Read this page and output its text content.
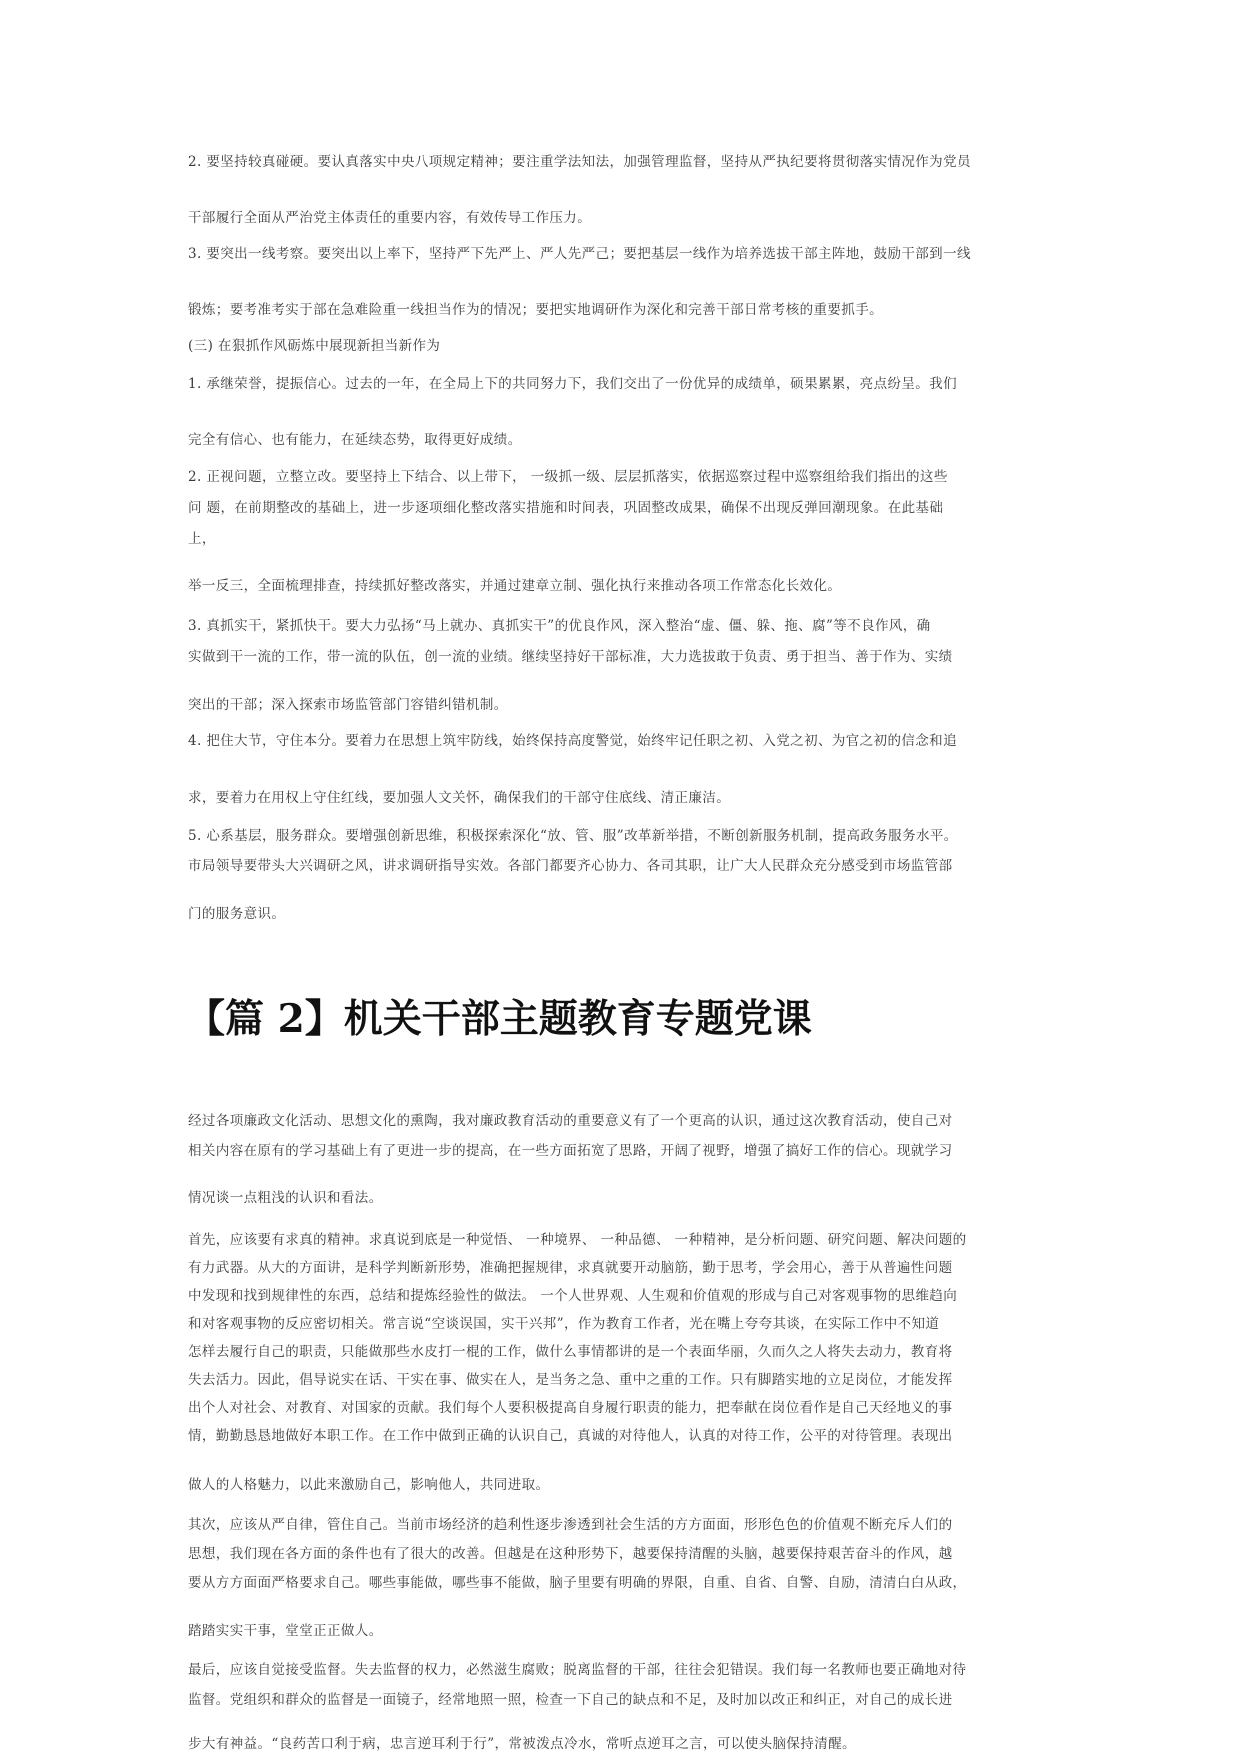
2. 要坚持较真碰硬。要认真落实中央八项规定精神；要注重学法知法，加强管理监督，坚持从严执纪要将贯彻落实情况作为党员
干部履行全面从严治党主体责任的重要内容，有效传导工作压力。
3. 要突出一线考察。要突出以上率下，坚持严下先严上、严人先严己；要把基层一线作为培养选拔干部主阵地，鼓励干部到一线
锻炼；要考准考实于部在急难险重一线担当作为的情况；要把实地调研作为深化和完善干部日常考核的重要抓手。
(三) 在狠抓作风砺炼中展现新担当新作为
1. 承继荣誉，提振信心。过去的一年，在全局上下的共同努力下，我们交出了一份优异的成绩单，硕果累累，亮点纷呈。我们
完全有信心、也有能力，在延续态势，取得更好成绩。
2. 正视问题，立整立改。要坚持上下结合、以上带下， 一级抓一级、层层抓落实，依据巡察过程中巡察组给我们指出的这些
问 题，在前期整改的基础上，进一步逐项细化整改落实措施和时间表，巩固整改成果，确保不出现反弹回潮现象。在此基础
上，
举一反三，全面梳理排查，持续抓好整改落实，并通过建章立制、强化执行来推动各项工作常态化长效化。
3. 真抓实干，紧抓快干。要大力弘扬“马上就办、真抓实干”的优良作风，深入整治“虚、僵、躲、拖、腐”等不良作风，确
实做到干一流的工作，带一流的队伍，创一流的业绩。继续坚持好干部标准，大力选拔敢于负责、勇于担当、善于作为、实绩
突出的干部；深入探索市场监管部门容错纠错机制。
4. 把住大节，守住本分。要着力在思想上筑牢防线，始终保持高度警觉，始终牢记任职之初、入党之初、为官之初的信念和追
求，要着力在用权上守住红线，要加强人文关怀，确保我们的干部守住底线、清正廉洁。
5. 心系基层，服务群众。要增强创新思维，积极探索深化“放、管、服”改革新举措，不断创新服务机制，提高政务服务水平。
市局领导要带头大兴调研之风，讲求调研指导实效。各部门都要齐心协力、各司其职，让广大人民群众充分感受到市场监管部
门的服务意识。
【篇 2】机关干部主题教育专题党课
经过各项廉政文化活动、思想文化的熏陶，我对廉政教育活动的重要意义有了一个更高的认识，通过这次教育活动，使自己对
相关内容在原有的学习基础上有了更进一步的提高，在一些方面拓宽了思路，开阔了视野，增强了搞好工作的信心。现就学习
情况谈一点粗浅的认识和看法。
首先，应该要有求真的精神。求真说到底是一种觉悟、 一种境界、 一种品德、 一种精神，是分析问题、研究问题、解决问题的
有力武器。从大的方面讲，是科学判断新形势，准确把握规律，求真就要开动脑筋，勤于思考，学会用心，善于从普遍性问题
中发现和找到规律性的东西，总结和提炼经验性的做法。 一个人世界观、人生观和价值观的形成与自己对客观事物的思维趋向
和对客观事物的反应密切相关。常言说“空谈误国，实干兴邦”，作为教育工作者，光在嘴上夸夸其谈，在实际工作中不知道
怎样去履行自己的职责，只能做那些水皮打一棍的工作，做什么事情都讲的是一个表面华丽，久而久之人将失去动力，教育将
失去活力。因此，倡导说实在话、干实在事、做实在人，是当务之急、重中之重的工作。只有脚踏实地的立足岗位，才能发挥
出个人对社会、对教育、对国家的贡献。我们每个人要积极提高自身履行职责的能力，把奉献在岗位看作是自己天经地义的事
情，勤勤恳恳地做好本职工作。在工作中做到正确的认识自己，真诚的对待他人，认真的对待工作，公平的对待管理。表现出
做人的人格魅力，以此来激励自己，影响他人，共同进取。
其次，应该从严自律，管住自己。当前市场经济的趋利性逐步渗透到社会生活的方方面面，形形色色的价值观不断充斥人们的
思想，我们现在各方面的条件也有了很大的改善。但越是在这种形势下，越要保持清醒的头脑，越要保持艰苦奋斗的作风，越
要从方方面面严格要求自己。哪些事能做，哪些事不能做，脑子里要有明确的界限，自重、自省、自警、自励，清清白白从政，
踏踏实实干事，堂堂正正做人。
最后，应该自觉接受监督。失去监督的权力，必然滋生腐败；脱离监督的干部，往往会犯错误。我们每一名教师也要正确地对待
监督。党组织和群众的监督是一面镜子，经常地照一照，检查一下自己的缺点和不足，及时加以改正和纠正，对自己的成长进
步大有神益。“良药苦口利于病，忠言逆耳利于行”，常被泼点冷水，常听点逆耳之言，可以使头脑保持清醒。
